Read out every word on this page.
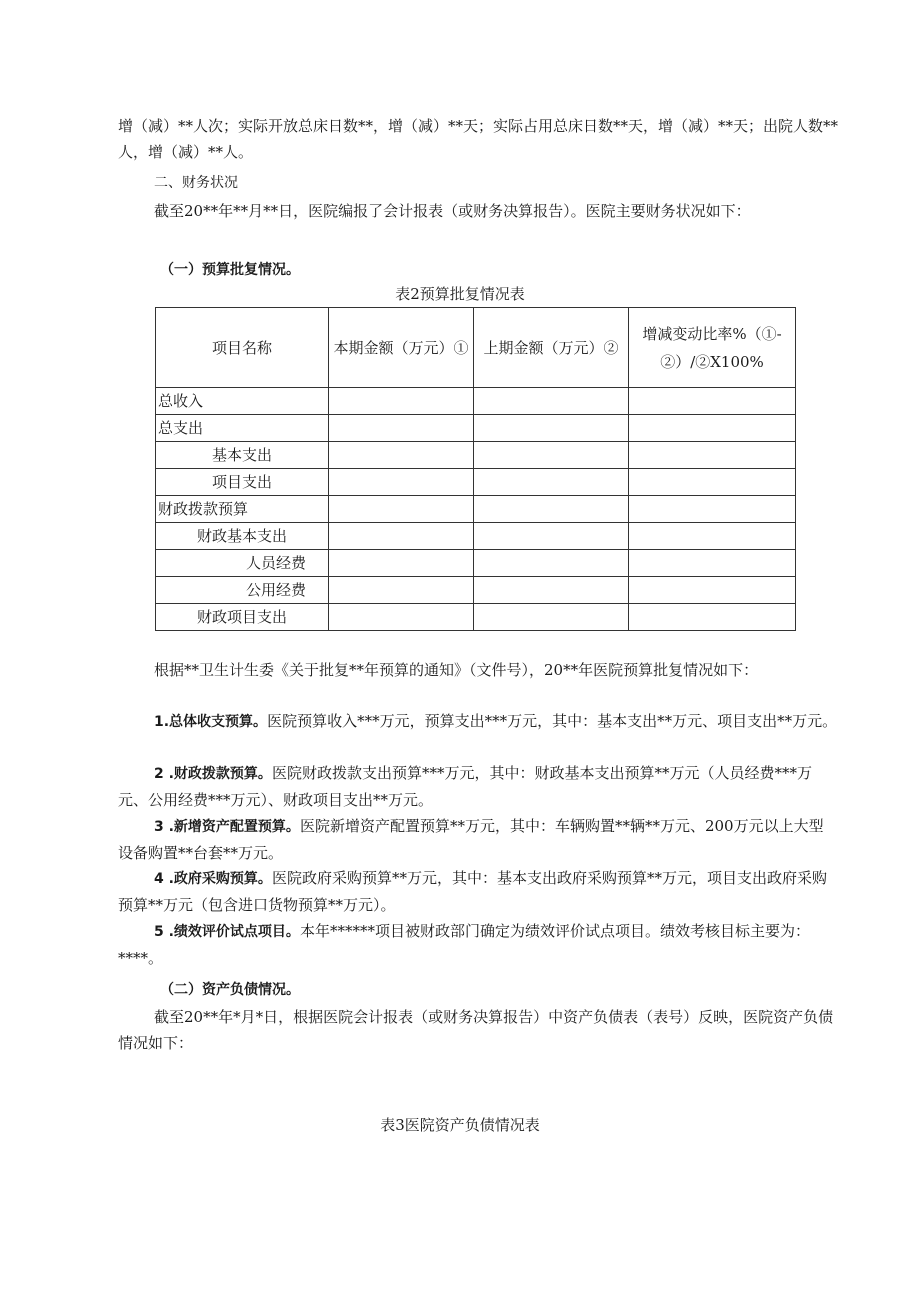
增（减）**人次；实际开放总床日数**，增（减）**天；实际占用总床日数**天，增（减）**天；出院人数**人，增（减）**人。

二、财务状况

截至20**年**月**日，医院编报了会计报表（或财务决算报告）。医院主要财务状况如下：

（一）预算批复情况。

表2预算批复情况表

项目名称	本期金额（万元）①	上期金额（万元）②	增减变动比率%（①-②）/②X100%
总收入			
总支出			
基本支出			
项目支出			
财政拨款预算			
财政基本支出			
人员经费			
公用经费			
财政项目支出			

根据**卫生计生委《关于批复**年预算的通知》（文件号），20**年医院预算批复情况如下：

1.总体收支预算。医院预算收入***万元，预算支出***万元，其中：基本支出**万元、项目支出**万元。

2 .财政拨款预算。医院财政拨款支出预算***万元，其中：财政基本支出预算**万元（人员经费***万元、公用经费***万元）、财政项目支出**万元。

3 .新增资产配置预算。医院新增资产配置预算**万元，其中：车辆购置**辆**万元、200万元以上大型设备购置**台套**万元。

4 .政府采购预算。医院政府采购预算**万元，其中：基本支出政府采购预算**万元，项目支出政府采购预算**万元（包含进口货物预算**万元）。

5 .绩效评价试点项目。本年******项目被财政部门确定为绩效评价试点项目。绩效考核目标主要为：****。

（二）资产负债情况。

截至20**年*月*日，根据医院会计报表（或财务决算报告）中资产负债表（表号）反映，医院资产负债情况如下：

表3医院资产负债情况表
